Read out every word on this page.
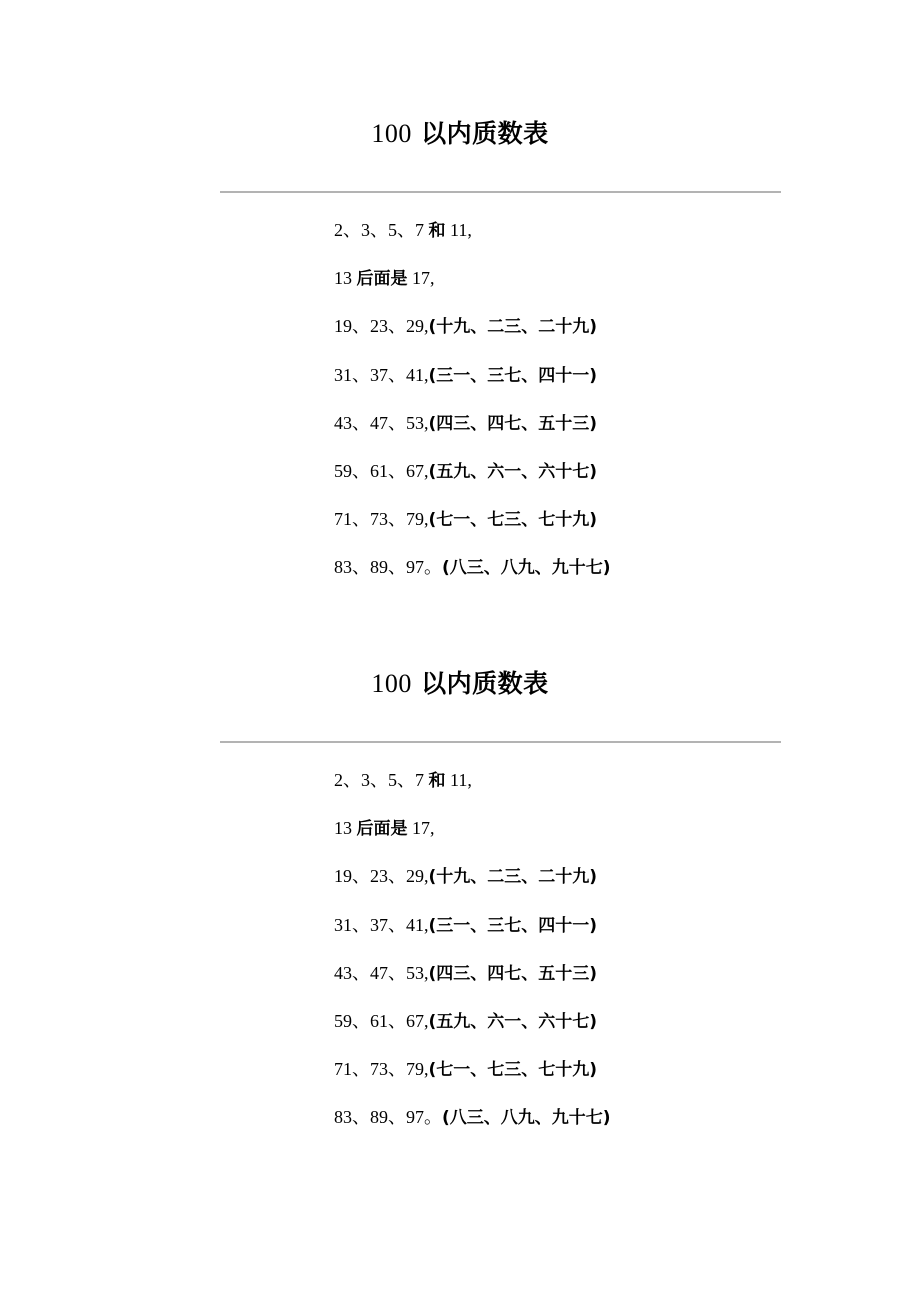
100 以内质数表
2、3、5、7 和 11,
13 后面是 17,
19、23、29,(十九、二三、二十九)
31、37、41,(三一、三七、四十一)
43、47、53,(四三、四七、五十三)
59、61、67,(五九、六一、六十七)
71、73、79,(七一、七三、七十九)
83、89、97。(八三、八九、九十七)
100 以内质数表
2、3、5、7 和 11,
13 后面是 17,
19、23、29,(十九、二三、二十九)
31、37、41,(三一、三七、四十一)
43、47、53,(四三、四七、五十三)
59、61、67,(五九、六一、六十七)
71、73、79,(七一、七三、七十九)
83、89、97。(八三、八九、九十七)
